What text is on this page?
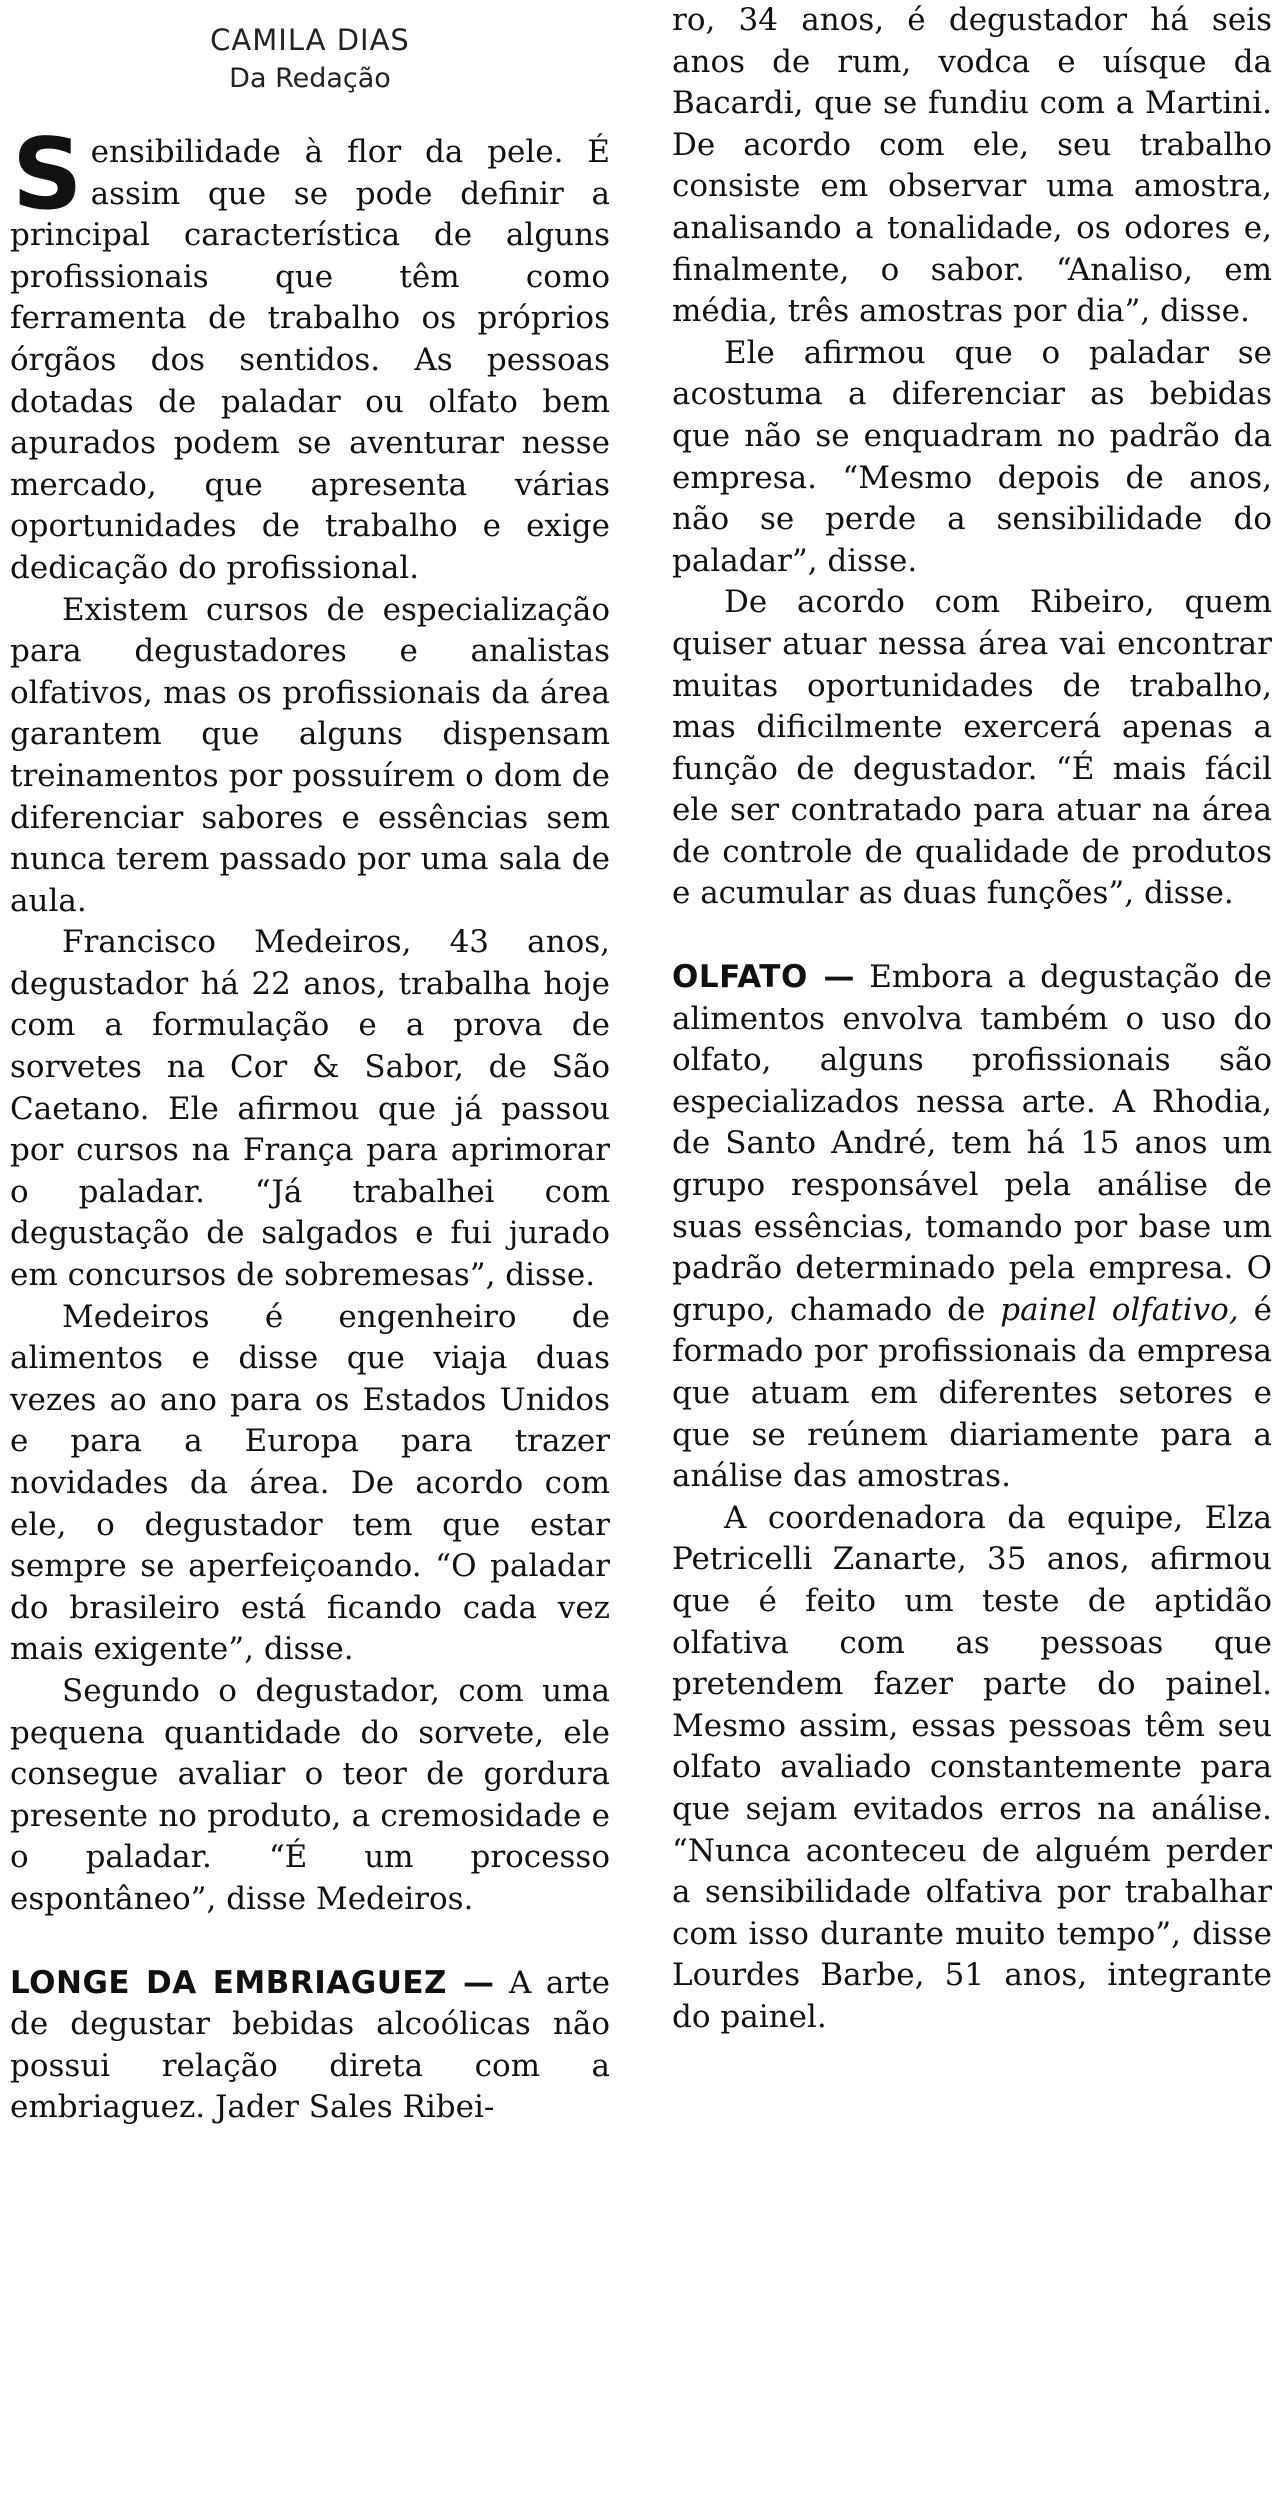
CAMILA DIAS
Da Redação

Sensibilidade à flor da pele. É assim que se pode definir a principal característica de alguns profissionais que têm como ferramenta de trabalho os próprios órgãos dos sentidos. As pessoas dotadas de paladar ou olfato bem apurados podem se aventurar nesse mercado, que apresenta várias oportunidades de trabalho e exige dedicação do profissional.

Existem cursos de especialização para degustadores e analistas olfativos, mas os profissionais da área garantem que alguns dispensam treinamentos por possuírem o dom de diferenciar sabores e essências sem nunca terem passado por uma sala de aula.

Francisco Medeiros, 43 anos, degustador há 22 anos, trabalha hoje com a formulação e a prova de sorvetes na Cor & Sabor, de São Caetano. Ele afirmou que já passou por cursos na França para aprimorar o paladar. “Já trabalhei com degustação de salgados e fui jurado em concursos de sobremesas”, disse.

Medeiros é engenheiro de alimentos e disse que viaja duas vezes ao ano para os Estados Unidos e para a Europa para trazer novidades da área. De acordo com ele, o degustador tem que estar sempre se aperfeiçoando. “O paladar do brasileiro está ficando cada vez mais exigente”, disse.

Segundo o degustador, com uma pequena quantidade do sorvete, ele consegue avaliar o teor de gordura presente no produto, a cremosidade e o paladar. “É um processo espontâneo”, disse Medeiros.

LONGE DA EMBRIAGUEZ — A arte de degustar bebidas alcoólicas não possui relação direta com a embriaguez. Jader Sales Ribei-

ro, 34 anos, é degustador há seis anos de rum, vodca e uísque da Bacardi, que se fundiu com a Martini. De acordo com ele, seu trabalho consiste em observar uma amostra, analisando a tonalidade, os odores e, finalmente, o sabor. “Analiso, em média, três amostras por dia”, disse.

Ele afirmou que o paladar se acostuma a diferenciar as bebidas que não se enquadram no padrão da empresa. “Mesmo depois de anos, não se perde a sensibilidade do paladar”, disse.

De acordo com Ribeiro, quem quiser atuar nessa área vai encontrar muitas oportunidades de trabalho, mas dificilmente exercerá apenas a função de degustador. “É mais fácil ele ser contratado para atuar na área de controle de qualidade de produtos e acumular as duas funções”, disse.

OLFATO — Embora a degustação de alimentos envolva também o uso do olfato, alguns profissionais são especializados nessa arte. A Rhodia, de Santo André, tem há 15 anos um grupo responsável pela análise de suas essências, tomando por base um padrão determinado pela empresa. O grupo, chamado de painel olfativo, é formado por profissionais da empresa que atuam em diferentes setores e que se reúnem diariamente para a análise das amostras.

A coordenadora da equipe, Elza Petricelli Zanarte, 35 anos, afirmou que é feito um teste de aptidão olfativa com as pessoas que pretendem fazer parte do painel. Mesmo assim, essas pessoas têm seu olfato avaliado constantemente para que sejam evitados erros na análise. “Nunca aconteceu de alguém perder a sensibilidade olfativa por trabalhar com isso durante muito tempo”, disse Lourdes Barbe, 51 anos, integrante do painel.
